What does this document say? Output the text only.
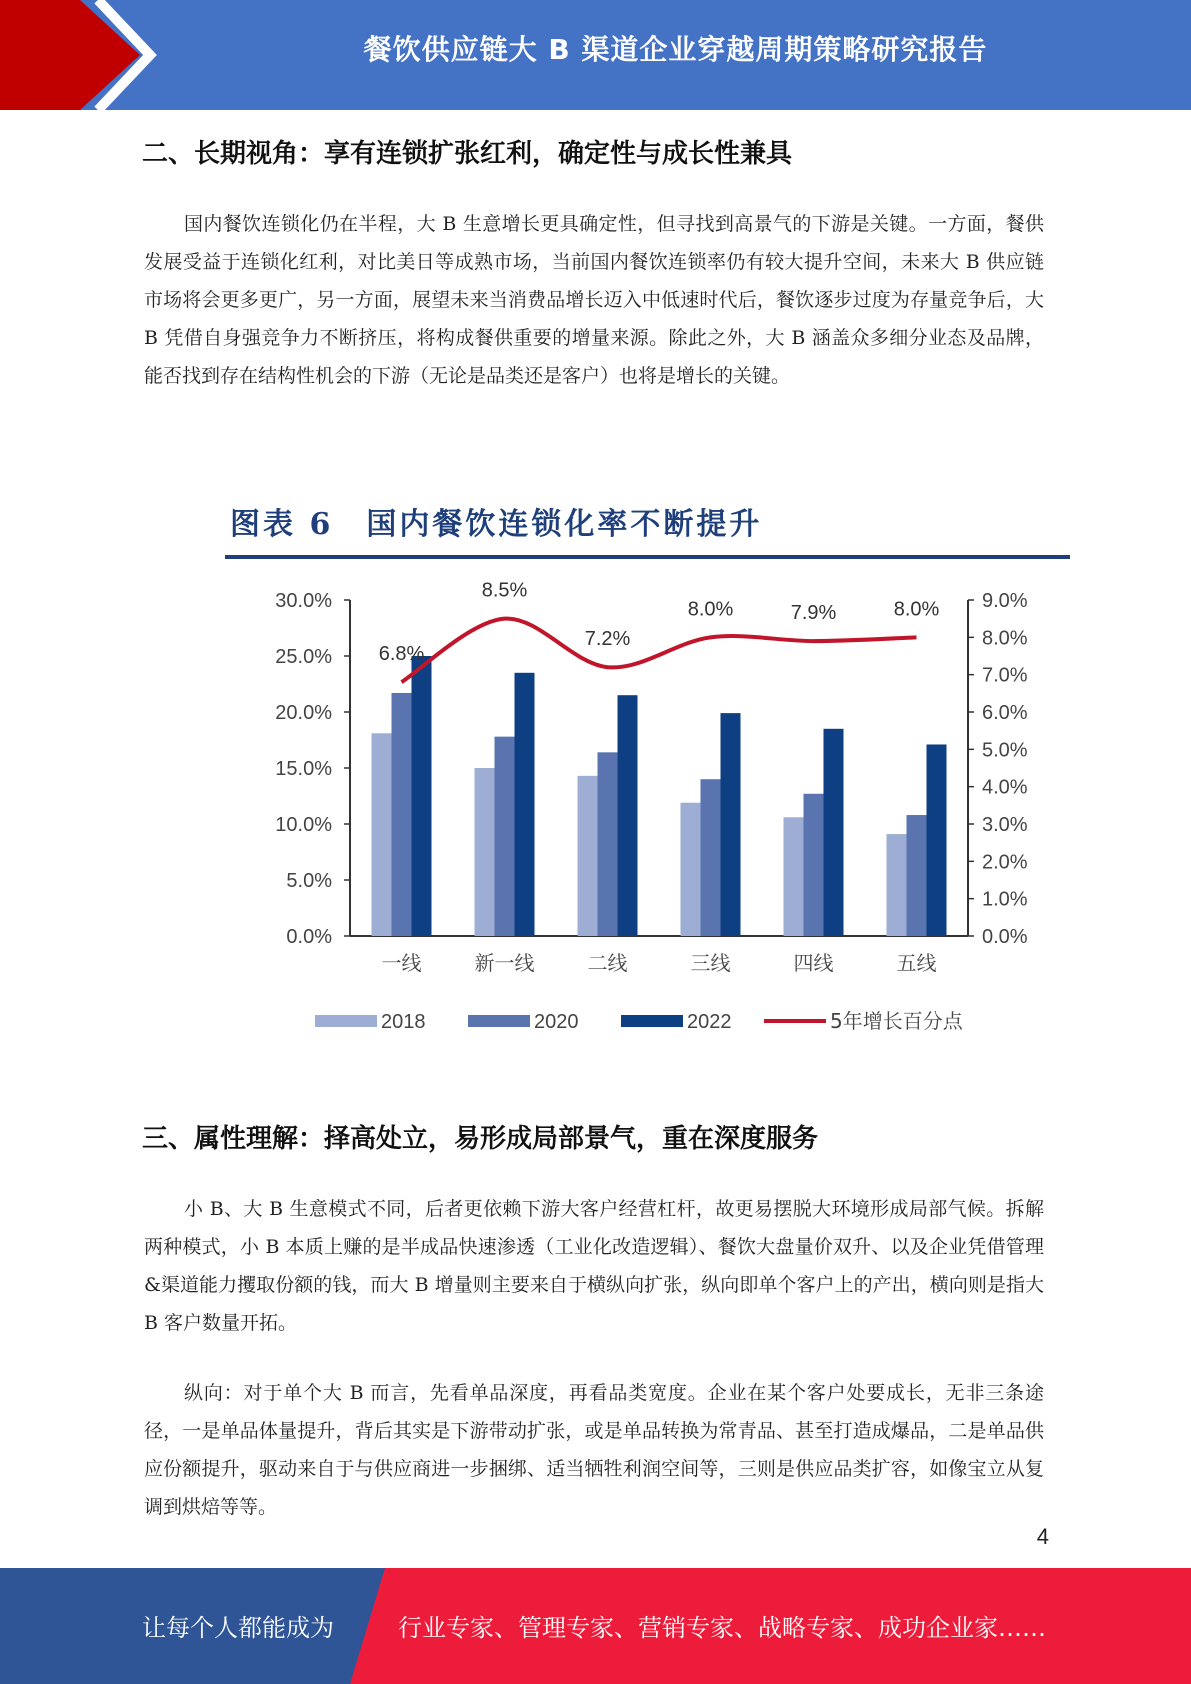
餐饮供应链大 B 渠道企业穿越周期策略研究报告
二、长期视角：享有连锁扩张红利，确定性与成长性兼具

国内餐饮连锁化仍在半程，大 B 生意增长更具确定性，但寻找到高景气的下游是关键。一方面，餐供发展受益于连锁化红利，对比美日等成熟市场，当前国内餐饮连锁率仍有较大提升空间，未来大 B 供应链市场将会更多更广，另一方面，展望未来当消费品增长迈入中低速时代后，餐饮逐步过度为存量竞争后，大 B 凭借自身强竞争力不断挤压，将构成餐供重要的增量来源。除此之外，大 B 涵盖众多细分业态及品牌，能否找到存在结构性机会的下游（无论是品类还是客户）也将是增长的关键。

图表 6　国内餐饮连锁化率不断提升
0.0%
5.0%
10.0%
15.0%
20.0%
25.0%
30.0%
0.0%
1.0%
2.0%
3.0%
4.0%
5.0%
6.0%
7.0%
8.0%
9.0%
一线	新一线	二线	三线	四线	五线
6.8%
8.5%
7.2%
8.0%	7.9%	8.0%
2018	2020	2022	5年增长百分点
三、属性理解：择高处立，易形成局部景气，重在深度服务

小 B、大 B 生意模式不同，后者更依赖下游大客户经营杠杆，故更易摆脱大环境形成局部气候。拆解两种模式，小 B 本质上赚的是半成品快速渗透（工业化改造逻辑）、餐饮大盘量价双升、以及企业凭借管理&渠道能力攫取份额的钱，而大 B 增量则主要来自于横纵向扩张，纵向即单个客户上的产出，横向则是指大 B 客户数量开拓。

纵向：对于单个大 B 而言，先看单品深度，再看品类宽度。企业在某个客户处要成长，无非三条途径，一是单品体量提升，背后其实是下游带动扩张，或是单品转换为常青品、甚至打造成爆品，二是单品供应份额提升，驱动来自于与供应商进一步捆绑、适当牺牲利润空间等，三则是供应品类扩容，如像宝立从复调到烘焙等等。

4
让每个人都能成为	行业专家、管理专家、营销专家、战略专家、成功企业家……
